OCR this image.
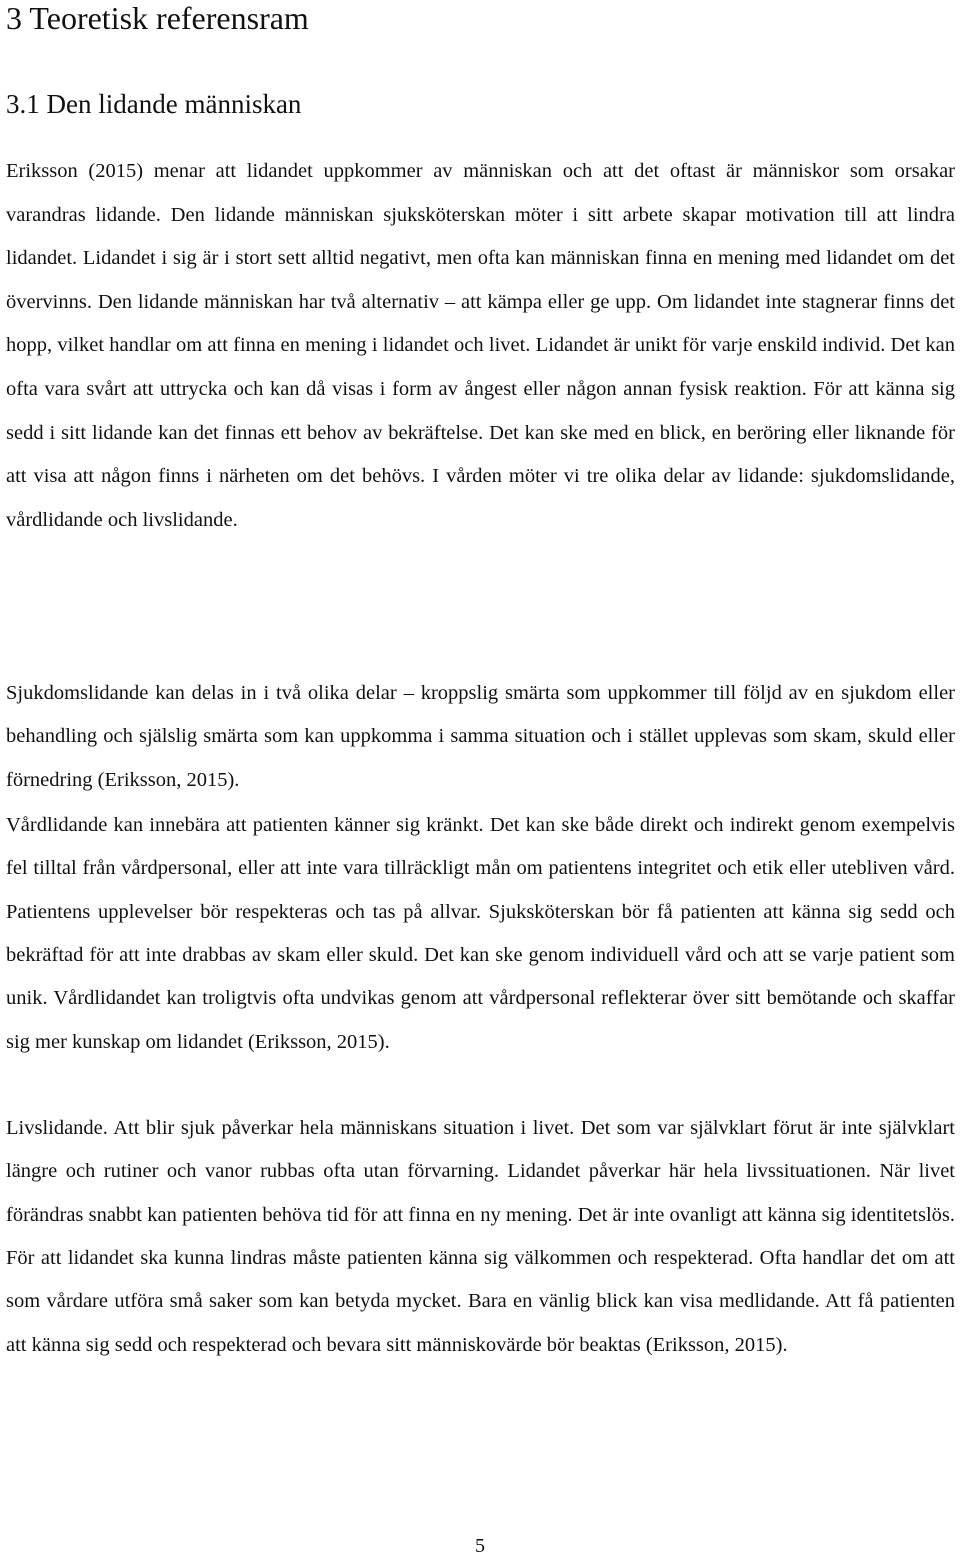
3 Teoretisk referensram
3.1 Den lidande människan

Eriksson (2015) menar att lidandet uppkommer av människan och att det oftast är människor som orsakar varandras lidande. Den lidande människan sjuksköterskan möter i sitt arbete skapar motivation till att lindra lidandet. Lidandet i sig är i stort sett alltid negativt, men ofta kan människan finna en mening med lidandet om det övervinns. Den lidande människan har två alternativ – att kämpa eller ge upp. Om lidandet inte stagnerar finns det hopp, vilket handlar om att finna en mening i lidandet och livet. Lidandet är unikt för varje enskild individ. Det kan ofta vara svårt att uttrycka och kan då visas i form av ångest eller någon annan fysisk reaktion. För att känna sig sedd i sitt lidande kan det finnas ett behov av bekräftelse. Det kan ske med en blick, en beröring eller liknande för att visa att någon finns i närheten om det behövs. I vården möter vi tre olika delar av lidande: sjukdomslidande, vårdlidande och livslidande.

Sjukdomslidande kan delas in i två olika delar – kroppslig smärta som uppkommer till följd av en sjukdom eller behandling och själslig smärta som kan uppkomma i samma situation och i stället upplevas som skam, skuld eller förnedring (Eriksson, 2015).

Vårdlidande kan innebära att patienten känner sig kränkt. Det kan ske både direkt och indirekt genom exempelvis fel tilltal från vårdpersonal, eller att inte vara tillräckligt mån om patientens integritet och etik eller utebliven vård. Patientens upplevelser bör respekteras och tas på allvar. Sjuksköterskan bör få patienten att känna sig sedd och bekräftad för att inte drabbas av skam eller skuld. Det kan ske genom individuell vård och att se varje patient som unik. Vårdlidandet kan troligtvis ofta undvikas genom att vårdpersonal reflekterar över sitt bemötande och skaffar sig mer kunskap om lidandet (Eriksson, 2015).

Livslidande. Att blir sjuk påverkar hela människans situation i livet. Det som var självklart förut är inte självklart längre och rutiner och vanor rubbas ofta utan förvarning. Lidandet påverkar här hela livssituationen. När livet förändras snabbt kan patienten behöva tid för att finna en ny mening. Det är inte ovanligt att känna sig identitetslös. För att lidandet ska kunna lindras måste patienten känna sig välkommen och respekterad. Ofta handlar det om att som vårdare utföra små saker som kan betyda mycket. Bara en vänlig blick kan visa medlidande. Att få patienten att känna sig sedd och respekterad och bevara sitt människovärde bör beaktas (Eriksson, 2015).

5
